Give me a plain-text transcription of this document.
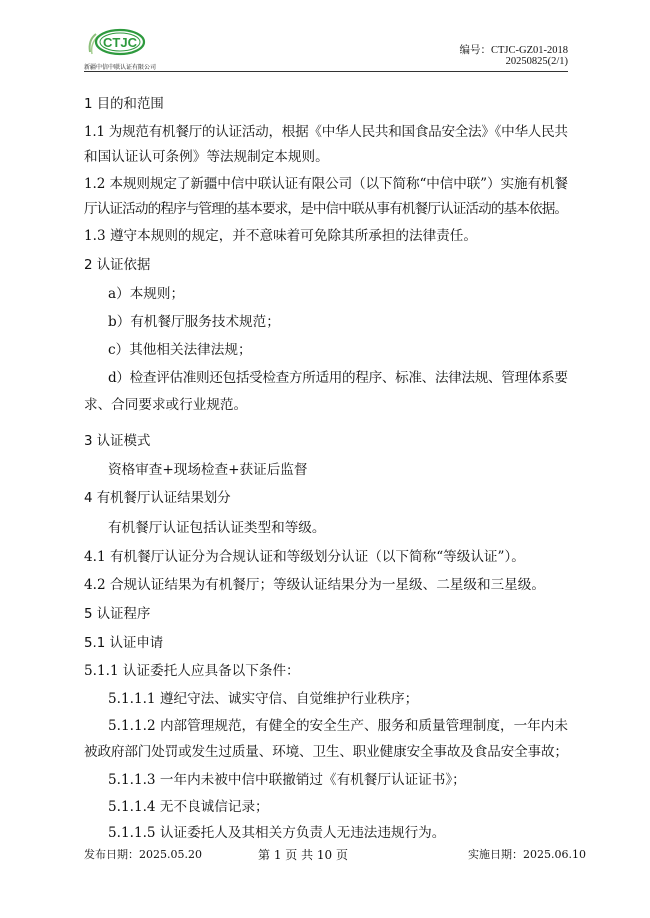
CTJC
新疆中信中联认证有限公司
编号：CTJC-GZ01-2018
20250825(2/1)
1 目的和范围
1.1 为规范有机餐厅的认证活动，根据《中华人民共和国食品安全法》《中华人民共
和国认证认可条例》等法规制定本规则。
1.2 本规则规定了新疆中信中联认证有限公司（以下简称“中信中联”）实施有机餐
厅认证活动的程序与管理的基本要求，是中信中联从事有机餐厅认证活动的基本依据。
1.3 遵守本规则的规定，并不意味着可免除其所承担的法律责任。
2 认证依据
a）本规则；
b）有机餐厅服务技术规范；
c）其他相关法律法规；
d）检查评估准则还包括受检查方所适用的程序、标准、法律法规、管理体系要
求、合同要求或行业规范。
3 认证模式
资格审查+现场检查+获证后监督
4 有机餐厅认证结果划分
有机餐厅认证包括认证类型和等级。
4.1 有机餐厅认证分为合规认证和等级划分认证（以下简称“等级认证”）。
4.2 合规认证结果为有机餐厅；等级认证结果分为一星级、二星级和三星级。
5 认证程序
5.1 认证申请
5.1.1 认证委托人应具备以下条件：
5.1.1.1 遵纪守法、诚实守信、自觉维护行业秩序；
5.1.1.2 内部管理规范，有健全的安全生产、服务和质量管理制度，一年内未
被政府部门处罚或发生过质量、环境、卫生、职业健康安全事故及食品安全事故；
5.1.1.3 一年内未被中信中联撤销过《有机餐厅认证证书》；
5.1.1.4 无不良诚信记录；
5.1.1.5 认证委托人及其相关方负责人无违法违规行为。
发布日期：2025.05.20	第 1 页 共 10 页	实施日期：2025.06.10
